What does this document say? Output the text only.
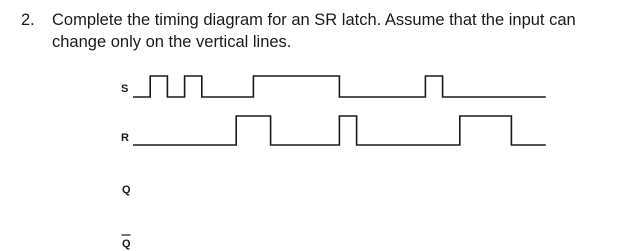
2. Complete the timing diagram for an SR latch. Assume that the input can change only on the vertical lines.
S
R
Q
Q
